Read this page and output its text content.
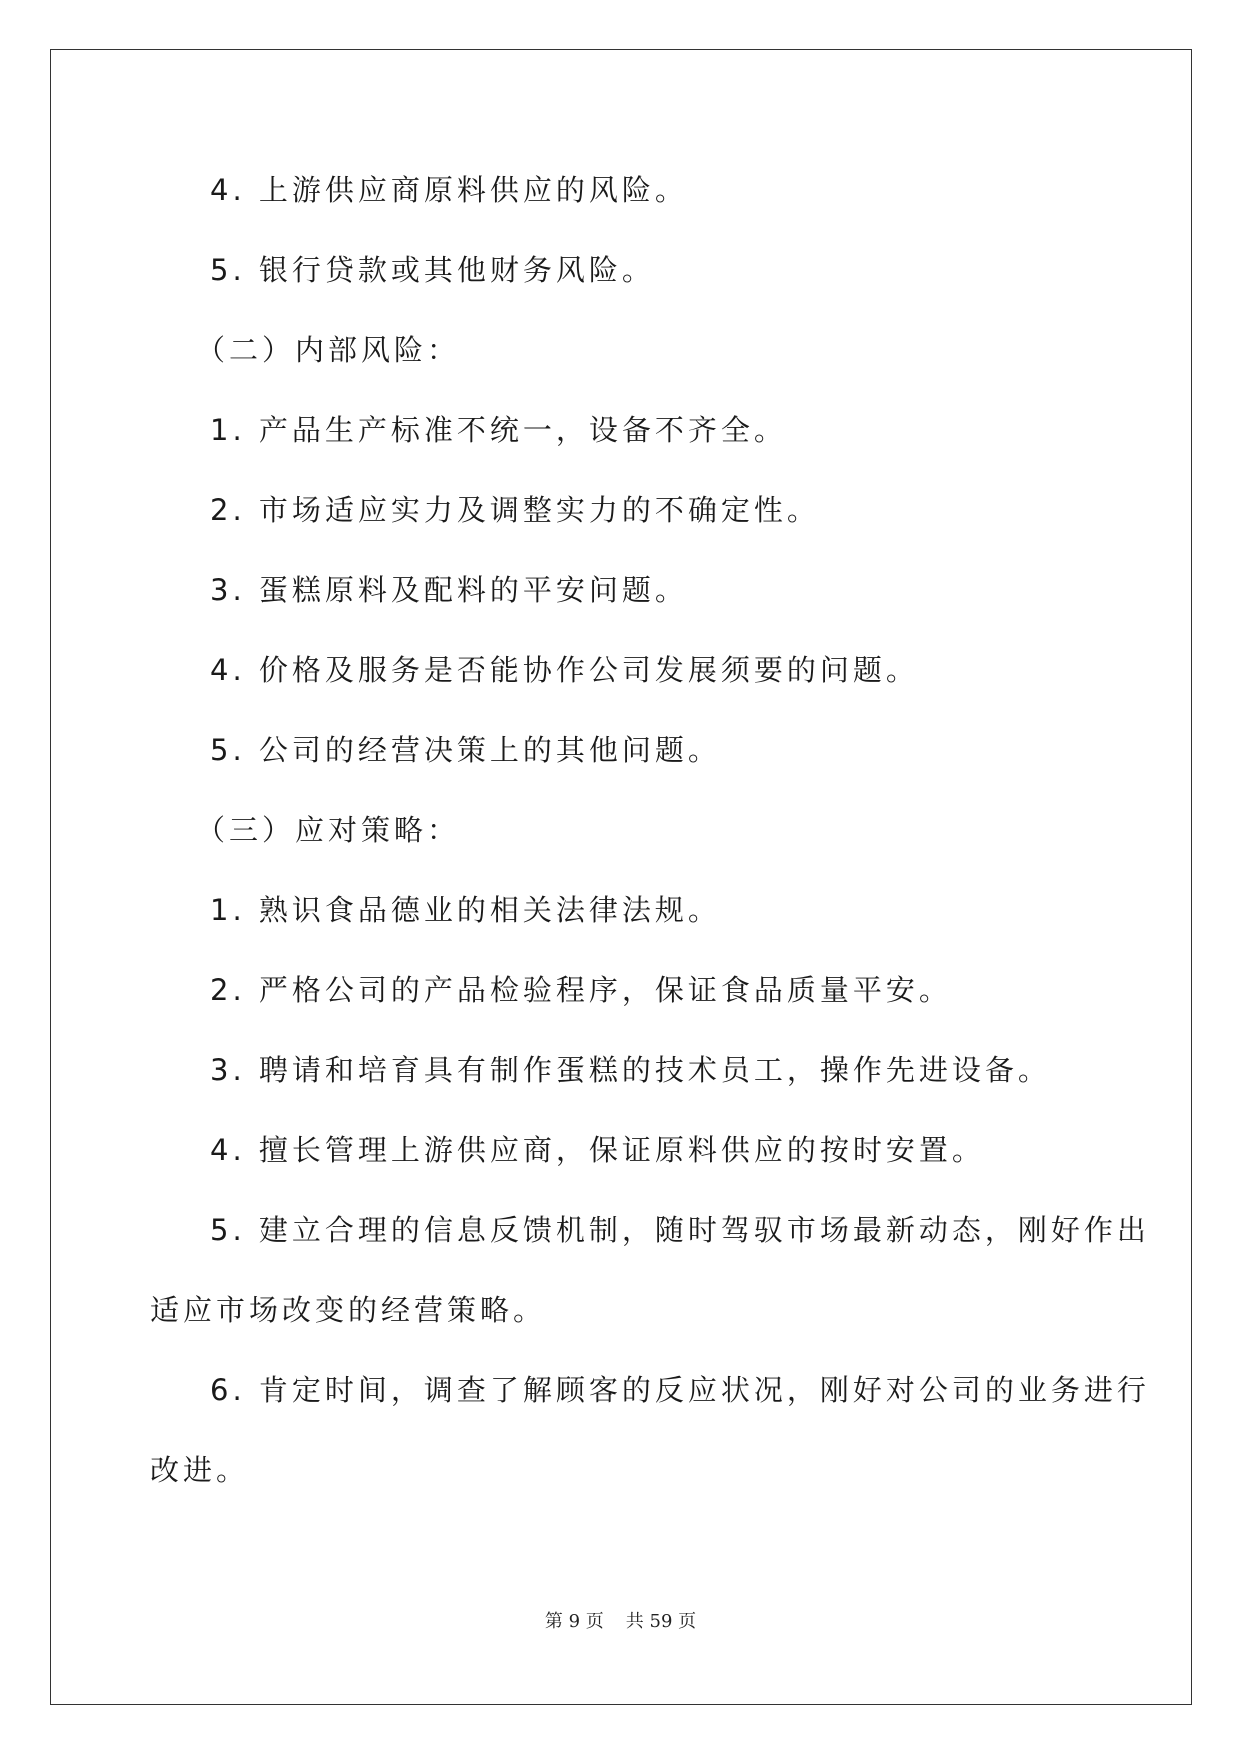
4. 上游供应商原料供应的风险。
5. 银行贷款或其他财务风险。
（二）内部风险：
1. 产品生产标准不统一，设备不齐全。
2. 市场适应实力及调整实力的不确定性。
3. 蛋糕原料及配料的平安问题。
4. 价格及服务是否能协作公司发展须要的问题。
5. 公司的经营决策上的其他问题。
（三）应对策略：
1. 熟识食品德业的相关法律法规。
2. 严格公司的产品检验程序，保证食品质量平安。
3. 聘请和培育具有制作蛋糕的技术员工，操作先进设备。
4. 擅长管理上游供应商，保证原料供应的按时安置。
5. 建立合理的信息反馈机制，随时驾驭市场最新动态，刚好作出
适应市场改变的经营策略。
6. 肯定时间，调查了解顾客的反应状况，刚好对公司的业务进行
改进。
第 9 页 共 59 页
